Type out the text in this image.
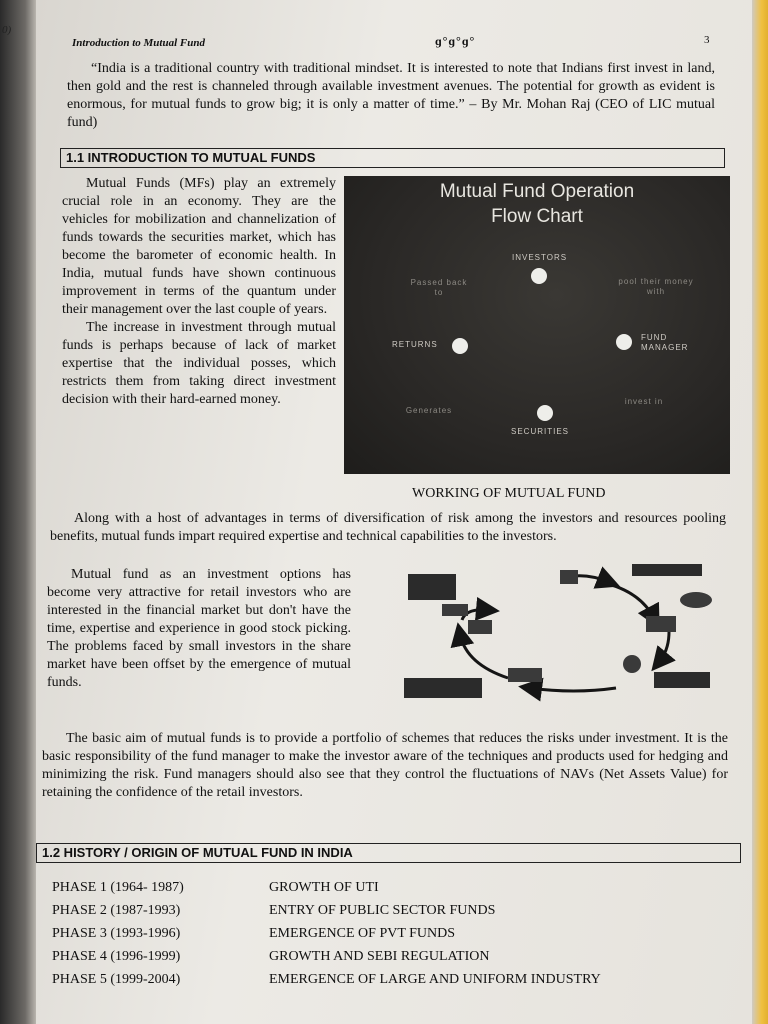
0)
Introduction to Mutual Fund	ɡ°ɡ°ɡ°	3
“India is a traditional country with traditional mindset. It is interested to note that Indians first invest in land, then gold and the rest is channeled through available investment avenues. The potential for growth as evident is enormous, for mutual funds to grow big; it is only a matter of time.” – By Mr. Mohan Raj (CEO of LIC mutual fund)
1.1 INTRODUCTION TO MUTUAL FUNDS
Mutual Funds (MFs) play an extremely crucial role in an economy. They are the vehicles for mobilization and channelization of funds towards the securities market, which has become the barometer of economic health. In India, mutual funds have shown continuous improvement in terms of the quantum under their management over the last couple of years.
The increase in investment through mutual funds is perhaps because of lack of market expertise that the individual posses, which restricts them from taking direct investment decision with their hard-earned money.
Mutual Fund Operation
Flow Chart
INVESTORS
pool their money with
FUND MANAGER
invest in
SECURITIES
Generates
RETURNS
Passed back to
WORKING OF MUTUAL FUND
Along with a host of advantages in terms of diversification of risk among the investors and resources pooling benefits, mutual funds impart required expertise and technical capabilities to the investors.
Mutual fund as an investment options has become very attractive for retail investors who are interested in the financial market but don't have the time, expertise and experience in good stock picking. The problems faced by small investors in the share market have been offset by the emergence of mutual funds.
The basic aim of mutual funds is to provide a portfolio of schemes that reduces the risks under investment. It is the basic responsibility of the fund manager to make the investor aware of the techniques and products used for hedging and minimizing the risk. Fund managers should also see that they control the fluctuations of NAVs (Net Assets Value) for retaining the confidence of the retail investors.
1.2 HISTORY / ORIGIN OF MUTUAL FUND IN INDIA
PHASE 1 (1964- 1987)	GROWTH OF UTI
PHASE 2 (1987-1993)	ENTRY OF PUBLIC SECTOR FUNDS
PHASE 3 (1993-1996)	EMERGENCE OF PVT FUNDS
PHASE 4 (1996-1999)	GROWTH AND SEBI REGULATION
PHASE 5 (1999-2004)	EMERGENCE OF LARGE AND UNIFORM INDUSTRY
